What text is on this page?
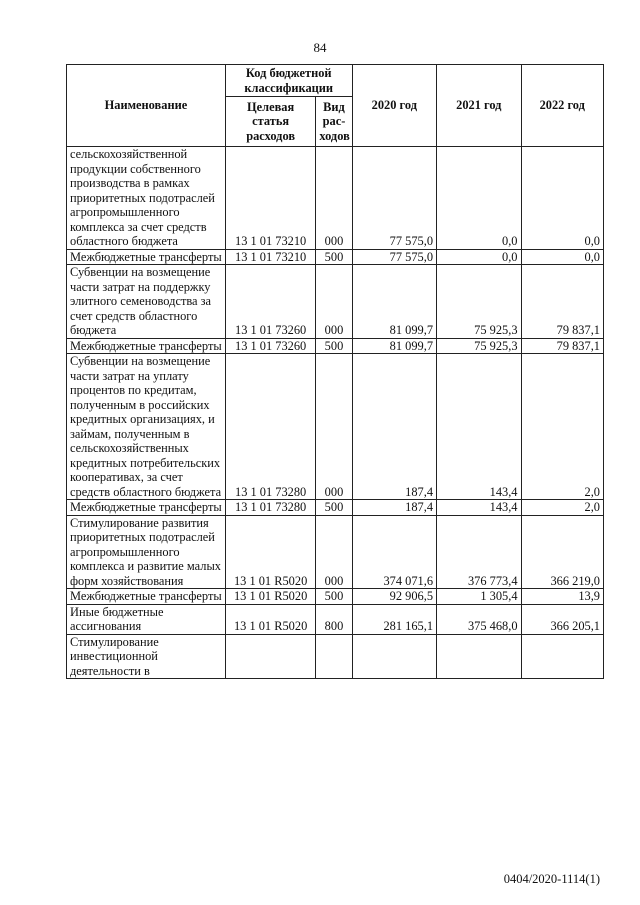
84
Наименование	Код бюджетной классификации		2020 год	2021 год	2022 год
	Целевая статья расходов	Вид рас-ходов			
сельскохозяйственной продукции собственного производства в рамках приоритетных подотраслей агропромышленного комплекса за счет средств областного бюджета	13 1 01 73210	000	77 575,0	0,0	0,0
Межбюджетные трансферты	13 1 01 73210	500	77 575,0	0,0	0,0
Субвенции на возмещение части затрат на поддержку элитного семеноводства за счет средств областного бюджета	13 1 01 73260	000	81 099,7	75 925,3	79 837,1
Межбюджетные трансферты	13 1 01 73260	500	81 099,7	75 925,3	79 837,1
Субвенции на возмещение части затрат на уплату процентов по кредитам, полученным в российских кредитных организациях, и займам, полученным в сельскохозяйственных кредитных потребительских кооперативах, за счет средств областного бюджета	13 1 01 73280	000	187,4	143,4	2,0
Межбюджетные трансферты	13 1 01 73280	500	187,4	143,4	2,0
Стимулирование развития приоритетных подотраслей агропромышленного комплекса и развитие малых форм хозяйствования	13 1 01 R5020	000	374 071,6	376 773,4	366 219,0
Межбюджетные трансферты	13 1 01 R5020	500	92 906,5	1 305,4	13,9
Иные бюджетные ассигнования	13 1 01 R5020	800	281 165,1	375 468,0	366 205,1
Стимулирование инвестиционной деятельности в					
0404/2020-1114(1)
